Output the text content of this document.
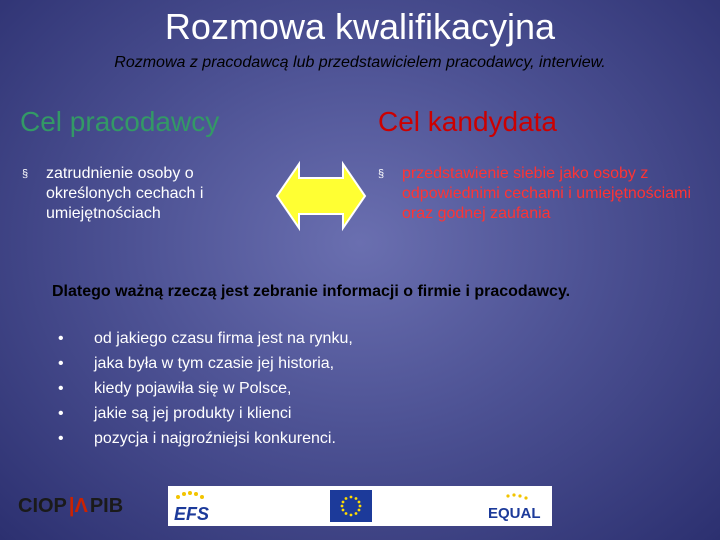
Rozmowa kwalifikacyjna
Rozmowa z pracodawcą lub przedstawicielem pracodawcy, interview.
Cel pracodawcy	Cel kandydata
§	zatrudnienie osoby o określonych cechach i umiejętnościach
§	przedstawienie siebie jako osoby z odpowiednimi cechami i umiejętnościami oraz godnej zaufania
Dlatego ważną rzeczą jest zebranie informacji o firmie i pracodawcy.
• od jakiego czasu firma jest na rynku,
• jaka była w tym czasie jej historia,
• kiedy pojawiła się w Polsce,
• jakie są jej produkty i klienci
• pozycja i najgroźniejsi konkurenci.
CIOP |Λ PIB	EFS	EQUAL
